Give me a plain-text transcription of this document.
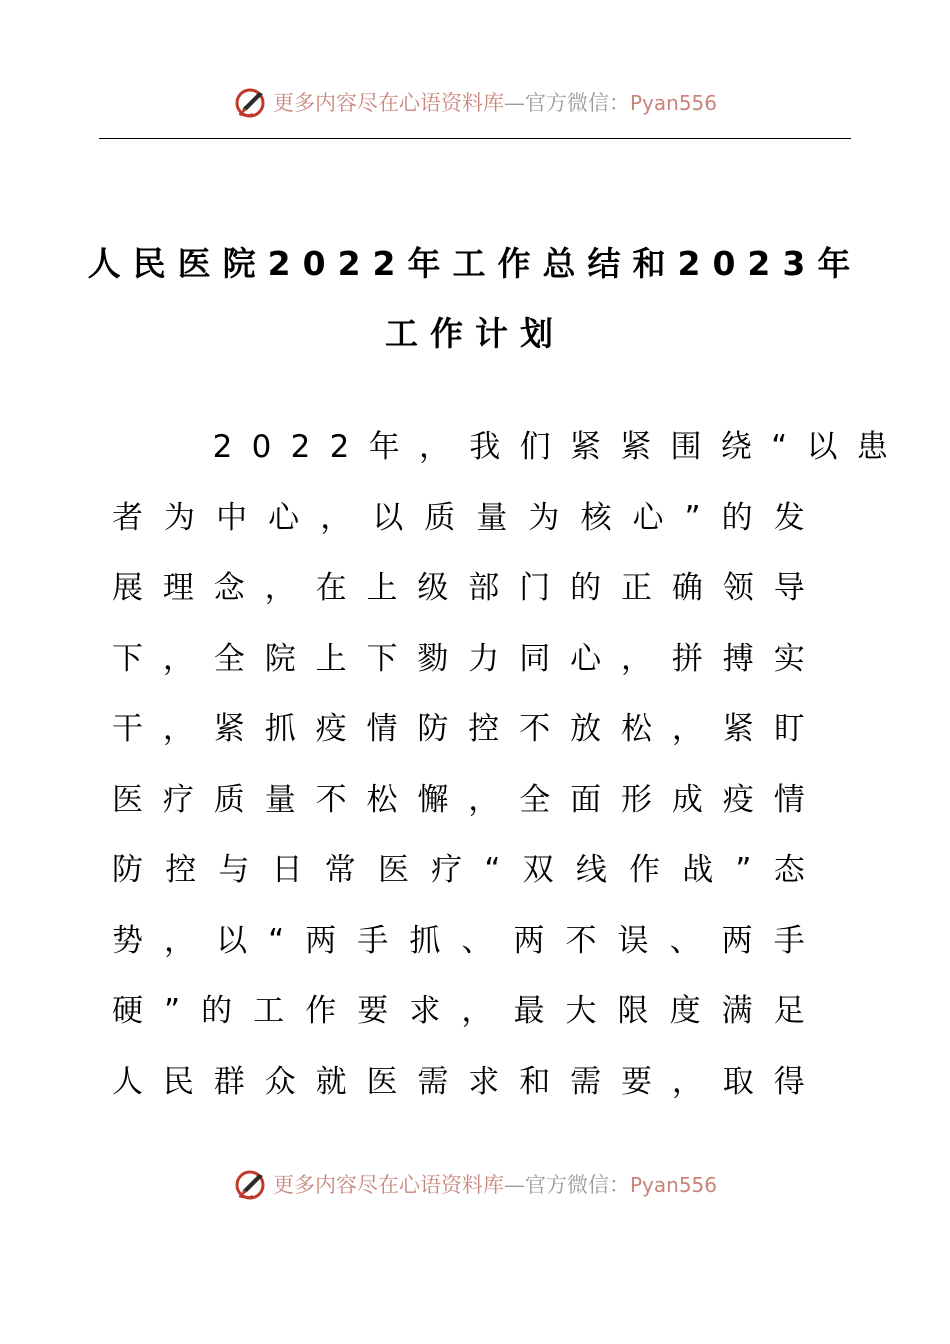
更多内容尽在心语资料库—官方微信：Pyan556
人民医院2022年工作总结和2023年
工作计划
　　2022年，我们紧紧围绕“以患
者为中心，以质量为核心”的发
展理念，在上级部门的正确领导
下，全院上下勠力同心，拼搏实
干，紧抓疫情防控不放松，紧盯
医疗质量不松懈，全面形成疫情
防控与日常医疗“双线作战”态
势，以“两手抓、两不误、两手
硬”的工作要求，最大限度满足
人民群众就医需求和需要，取得
更多内容尽在心语资料库—官方微信：Pyan556
